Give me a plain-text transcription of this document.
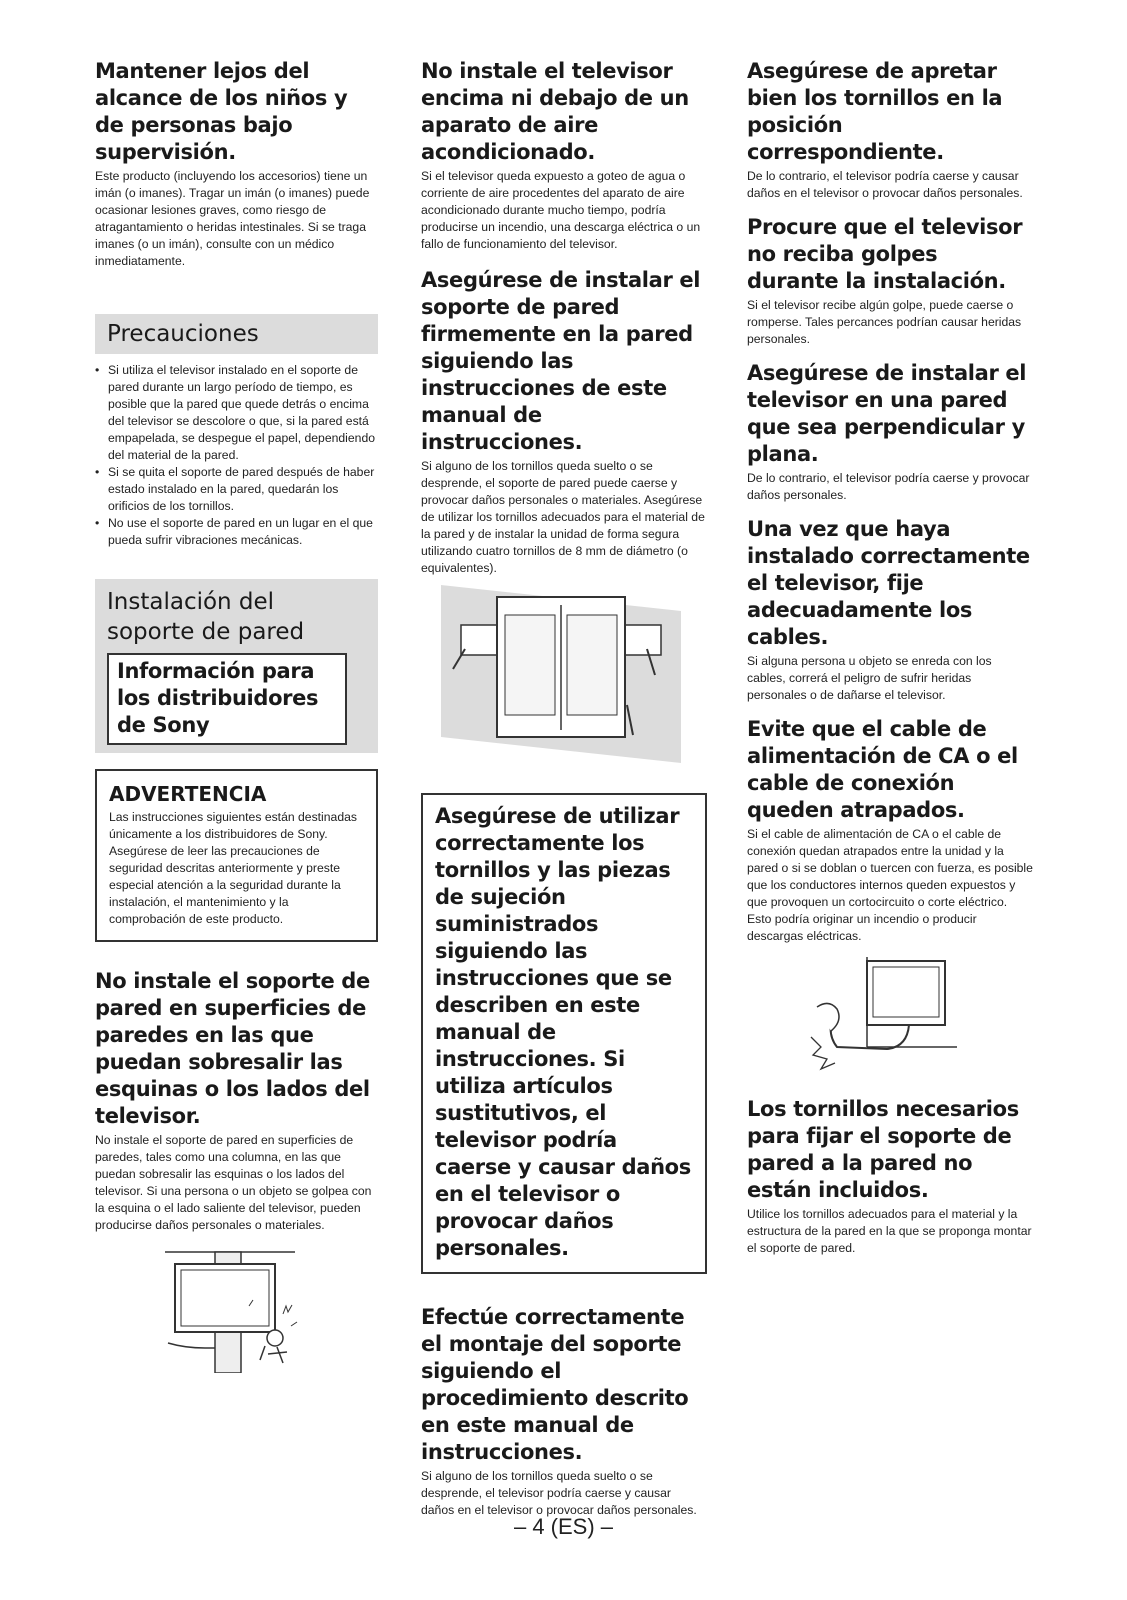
Mantener lejos del alcance de los niños y de personas bajo supervisión.

Este producto (incluyendo los accesorios) tiene un imán (o imanes). Tragar un imán (o imanes) puede ocasionar lesiones graves, como riesgo de atragantamiento o heridas intestinales. Si se traga imanes (o un imán), consulte con un médico inmediatamente.

Precauciones
• Si utiliza el televisor instalado en el soporte de pared durante un largo período de tiempo, es posible que la pared que quede detrás o encima del televisor se descolore o que, si la pared está empapelada, se despegue el papel, dependiendo del material de la pared.
• Si se quita el soporte de pared después de haber estado instalado en la pared, quedarán los orificios de los tornillos.
• No use el soporte de pared en un lugar en el que pueda sufrir vibraciones mecánicas.
Instalación del soporte de pared
Información para los distribuidores de Sony
ADVERTENCIA

Las instrucciones siguientes están destinadas únicamente a los distribuidores de Sony. Asegúrese de leer las precauciones de seguridad descritas anteriormente y preste especial atención a la seguridad durante la instalación, el mantenimiento y la comprobación de este producto.

No instale el soporte de pared en superficies de paredes en las que puedan sobresalir las esquinas o los lados del televisor.

No instale el soporte de pared en superficies de paredes, tales como una columna, en las que puedan sobresalir las esquinas o los lados del televisor. Si una persona o un objeto se golpea con la esquina o el lado saliente del televisor, pueden producirse daños personales o materiales.

No instale el televisor encima ni debajo de un aparato de aire acondicionado.

Si el televisor queda expuesto a goteo de agua o corriente de aire procedentes del aparato de aire acondicionado durante mucho tiempo, podría producirse un incendio, una descarga eléctrica o un fallo de funcionamiento del televisor.

Asegúrese de instalar el soporte de pared firmemente en la pared siguiendo las instrucciones de este manual de instrucciones.

Si alguno de los tornillos queda suelto o se desprende, el soporte de pared puede caerse y provocar daños personales o materiales. Asegúrese de utilizar los tornillos adecuados para el material de la pared y de instalar la unidad de forma segura utilizando cuatro tornillos de 8 mm de diámetro (o equivalentes).

Asegúrese de utilizar correctamente los tornillos y las piezas de sujeción suministrados siguiendo las instrucciones que se describen en este manual de instrucciones. Si utiliza artículos sustitutivos, el televisor podría caerse y causar daños en el televisor o provocar daños personales.
Efectúe correctamente el montaje del soporte siguiendo el procedimiento descrito en este manual de instrucciones.

Si alguno de los tornillos queda suelto o se desprende, el televisor podría caerse y causar daños en el televisor o provocar daños personales.

Asegúrese de apretar bien los tornillos en la posición correspondiente.

De lo contrario, el televisor podría caerse y causar daños en el televisor o provocar daños personales.

Procure que el televisor no reciba golpes durante la instalación.

Si el televisor recibe algún golpe, puede caerse o romperse. Tales percances podrían causar heridas personales.

Asegúrese de instalar el televisor en una pared que sea perpendicular y plana.

De lo contrario, el televisor podría caerse y provocar daños personales.

Una vez que haya instalado correctamente el televisor, fije adecuadamente los cables.

Si alguna persona u objeto se enreda con los cables, correrá el peligro de sufrir heridas personales o de dañarse el televisor.

Evite que el cable de alimentación de CA o el cable de conexión queden atrapados.

Si el cable de alimentación de CA o el cable de conexión quedan atrapados entre la unidad y la pared o si se doblan o tuercen con fuerza, es posible que los conductores internos queden expuestos y que provoquen un cortocircuito o corte eléctrico. Esto podría originar un incendio o producir descargas eléctricas.

Los tornillos necesarios para fijar el soporte de pared a la pared no están incluidos.

Utilice los tornillos adecuados para el material y la estructura de la pared en la que se proponga montar el soporte de pared.

– 4 (ES) –
